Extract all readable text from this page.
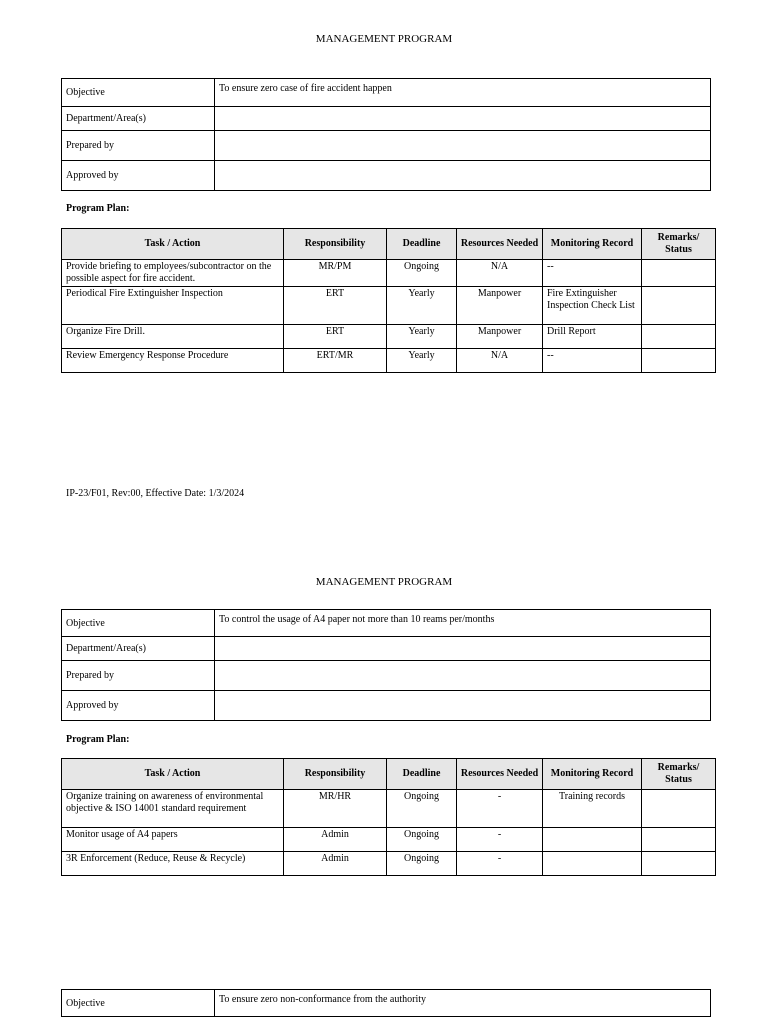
MANAGEMENT PROGRAM
Objective	To ensure zero case of fire accident happen
Department/Area(s)	
Prepared by	
Approved by	
Program Plan:
Task / Action	Responsibility	Deadline	Resources Needed	Monitoring Record	Remarks/ Status
Provide briefing to employees/subcontractor on the possible aspect for fire accident.	MR/PM	Ongoing	N/A	--	
Periodical Fire Extinguisher Inspection	ERT	Yearly	Manpower	Fire Extinguisher Inspection Check List	
Organize Fire Drill.	ERT	Yearly	Manpower	Drill Report	
Review Emergency Response Procedure	ERT/MR	Yearly	N/A	--	
IP-23/F01, Rev:00, Effective Date: 1/3/2024
MANAGEMENT PROGRAM
Objective	To control the usage of A4 paper not more than 10 reams per/months
Department/Area(s)	
Prepared by	
Approved by	
Program Plan:
Task / Action	Responsibility	Deadline	Resources Needed	Monitoring Record	Remarks/ Status
Organize training on awareness of environmental objective & ISO 14001 standard requirement	MR/HR	Ongoing	-	Training records	
Monitor usage of A4 papers	Admin	Ongoing	-		
3R Enforcement (Reduce, Reuse & Recycle)	Admin	Ongoing	-		
Objective	To ensure zero non-conformance from the authority
